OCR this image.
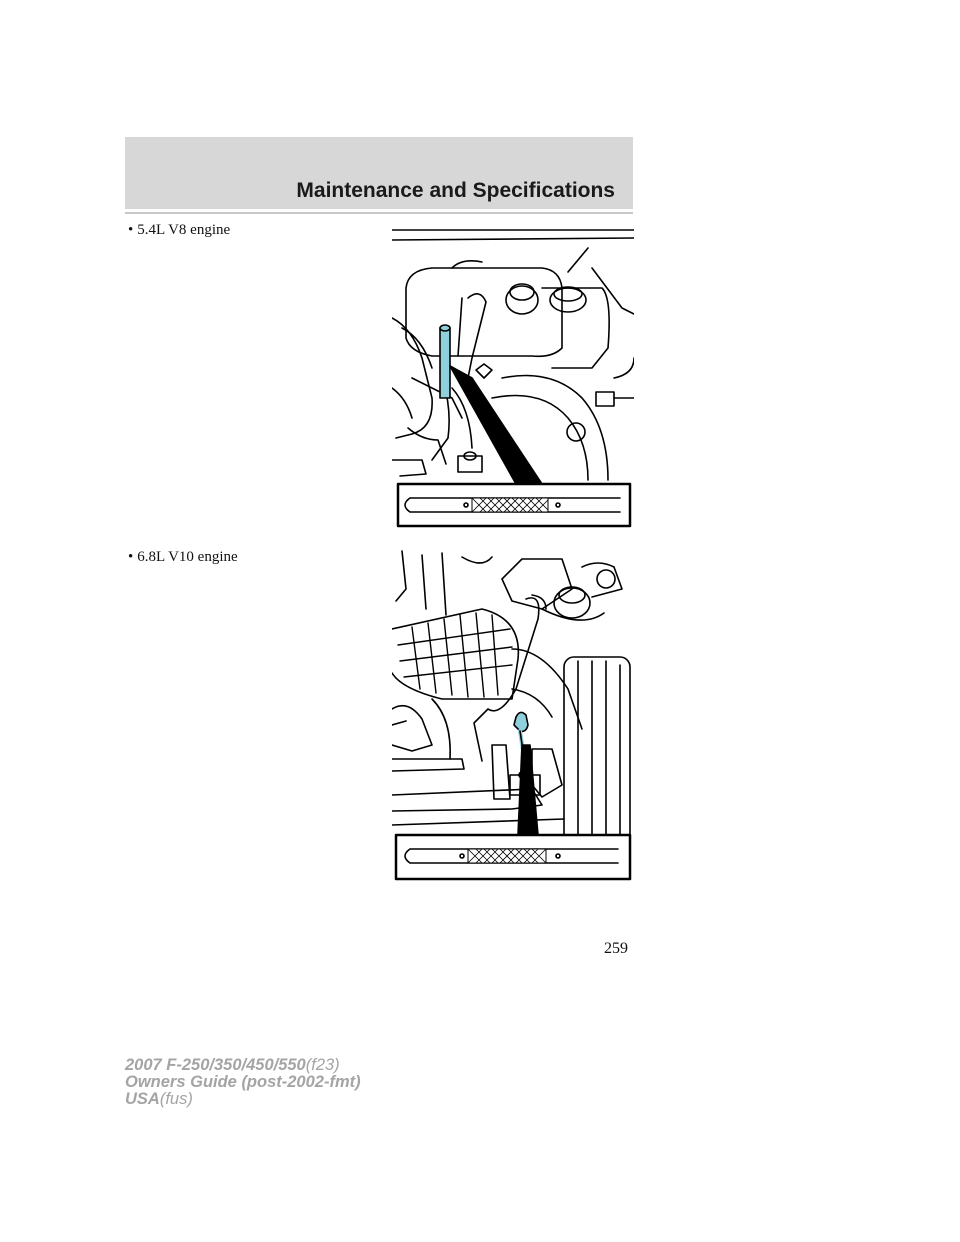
Maintenance and Specifications
• 5.4L V8 engine
• 6.8L V10 engine
259
2007 F-250/350/450/550(f23)
Owners Guide (post-2002-fmt)
USA(fus)
